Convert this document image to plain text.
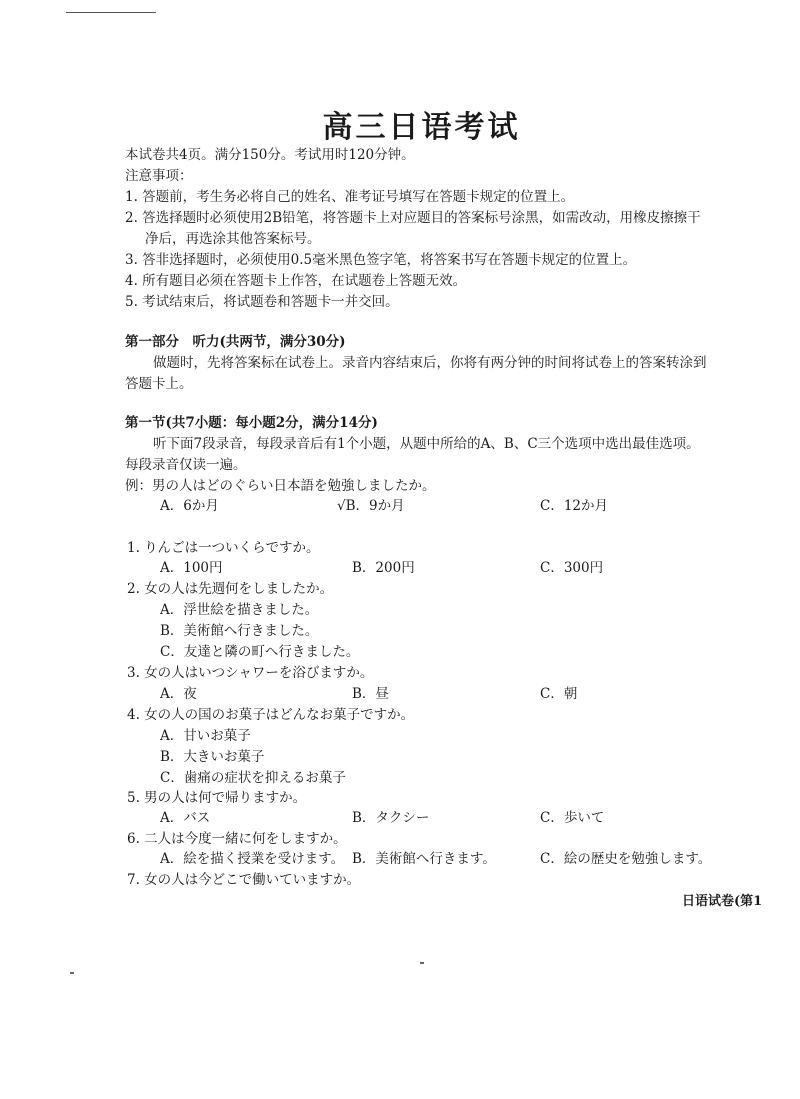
高三日语考试
本试卷共4页。满分150分。考试用时120分钟。
注意事项：
1. 答题前，考生务必将自己的姓名、准考证号填写在答题卡规定的位置上。
2. 答选择题时必须使用2B铅笔，将答题卡上对应题目的答案标号涂黑，如需改动，用橡皮擦擦干
净后，再选涂其他答案标号。
3. 答非选择题时，必须使用0.5毫米黑色签字笔，将答案书写在答题卡规定的位置上。
4. 所有题目必须在答题卡上作答，在试题卷上答题无效。
5. 考试结束后，将试题卷和答题卡一并交回。
第一部分　听力(共两节，满分30分)
做题时，先将答案标在试卷上。录音内容结束后，你将有两分钟的时间将试卷上的答案转涂到
答题卡上。
第一节(共7小题：每小题2分，满分14分)
听下面7段录音，每段录音后有1个小题，从题中所给的A、B、C三个选项中选出最佳选项。
每段录音仅读一遍。
例：男の人はどのぐらい日本語を勉強しましたか。
A．6か月	√B．9か月	C．12か月
1. りんごは一ついくらですか。
A．100円	B．200円	C．300円
2. 女の人は先週何をしましたか。
A．浮世絵を描きました。
B．美術館へ行きました。
C．友達と隣の町へ行きました。
3. 女の人はいつシャワーを浴びますか。
A．夜	B．昼	C．朝
4. 女の人の国のお菓子はどんなお菓子ですか。
A．甘いお菓子
B．大きいお菓子
C．歯痛の症状を抑えるお菓子
5. 男の人は何で帰りますか。
A．バス	B．タクシー	C．歩いて
6. 二人は今度一緒に何をしますか。
A．絵を描く授業を受けます。 B．美術館へ行きます。	C．絵の歴史を勉強します。
7. 女の人は今どこで働いていますか。
日语试卷(第1
